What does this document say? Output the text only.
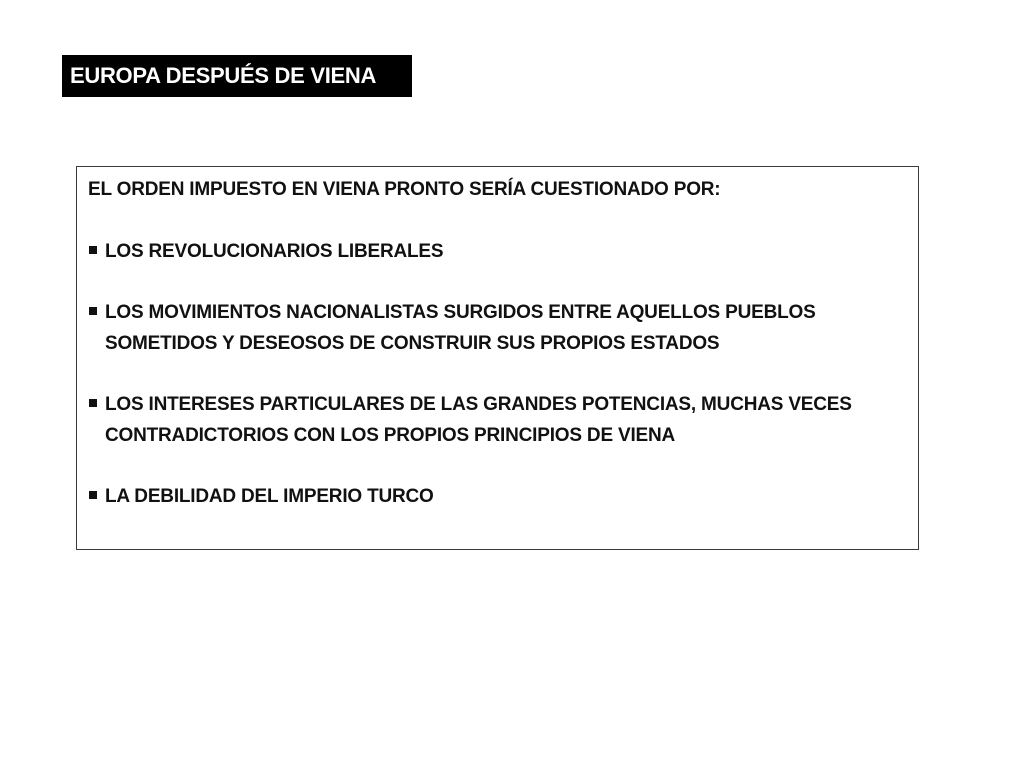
EUROPA DESPUÉS DE VIENA
EL ORDEN IMPUESTO EN VIENA PRONTO SERÍA CUESTIONADO POR:
LOS REVOLUCIONARIOS LIBERALES
LOS MOVIMIENTOS NACIONALISTAS SURGIDOS ENTRE AQUELLOS PUEBLOS SOMETIDOS Y DESEOSOS DE CONSTRUIR SUS PROPIOS ESTADOS
LOS INTERESES PARTICULARES DE LAS GRANDES POTENCIAS, MUCHAS VECES CONTRADICTORIOS CON LOS PROPIOS PRINCIPIOS DE VIENA
LA DEBILIDAD DEL IMPERIO TURCO
